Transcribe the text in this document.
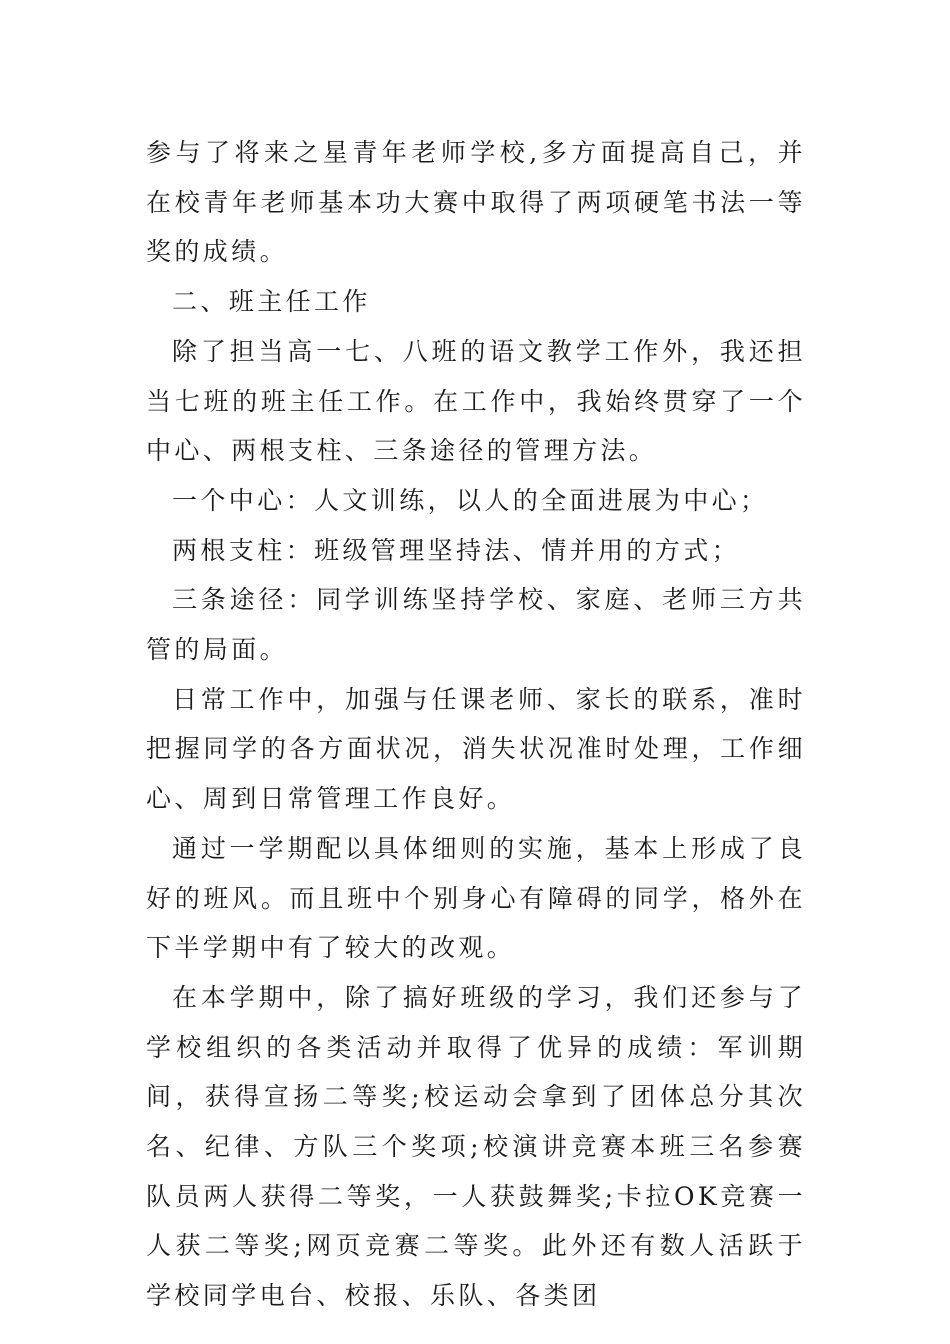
参与了将来之星青年老师学校,多方面提高自己，并在校青年老师基本功大赛中取得了两项硬笔书法一等奖的成绩。

二、班主任工作

除了担当高一七、八班的语文教学工作外，我还担当七班的班主任工作。在工作中，我始终贯穿了一个中心、两根支柱、三条途径的管理方法。

一个中心：人文训练，以人的全面进展为中心；

两根支柱：班级管理坚持法、情并用的方式；

三条途径：同学训练坚持学校、家庭、老师三方共管的局面。

日常工作中，加强与任课老师、家长的联系，准时把握同学的各方面状况，消失状况准时处理，工作细心、周到日常管理工作良好。

通过一学期配以具体细则的实施，基本上形成了良好的班风。而且班中个别身心有障碍的同学，格外在下半学期中有了较大的改观。

在本学期中，除了搞好班级的学习，我们还参与了学校组织的各类活动并取得了优异的成绩：军训期间，获得宣扬二等奖;校运动会拿到了团体总分其次名、纪律、方队三个奖项;校演讲竞赛本班三名参赛队员两人获得二等奖，一人获鼓舞奖;卡拉OK竞赛一人获二等奖;网页竞赛二等奖。此外还有数人活跃于学校同学电台、校报、乐队、各类团
